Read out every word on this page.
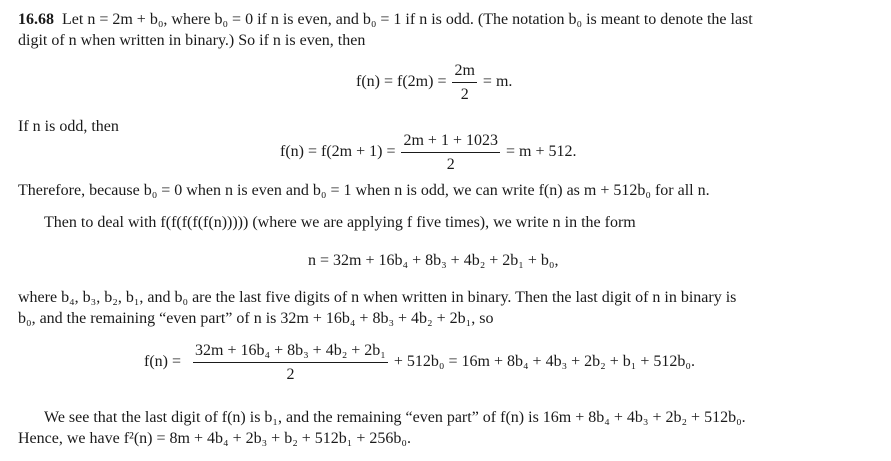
16.68 Let n = 2m + b₀, where b₀ = 0 if n is even, and b₀ = 1 if n is odd. (The notation b₀ is meant to denote the last
digit of n when written in binary.) So if n is even, then
$f(n) = f(2m) = \frac{2m}{2} = m$.
If n is odd, then
$f(n) = f(2m + 1) = \frac{2m + 1 + 1023}{2} = m + 512$.
Therefore, because b₀ = 0 when n is even and b₀ = 1 when n is odd, we can write f(n) as m + 512b₀ for all n.
Then to deal with f(f(f(f(f(n))))) (where we are applying f five times), we write n in the form
n = 32m + 16b₄ + 8b₃ + 4b₂ + 2b₁ + b₀,
where b₄, b₃, b₂, b₁, and b₀ are the last five digits of n when written in binary. Then the last digit of n in binary is
b₀, and the remaining “even part” of n is 32m + 16b₄ + 8b₃ + 4b₂ + 2b₁, so
$f(n) = \frac{\text{32m + 16b₄ + 8b₃ + 4b₂ + 2b₁}}{2} + 512b_0 = 16m + 8b_4 + 4b_3 + 2b_2 + b_1 + 512b_0$.
We see that the last digit of f(n) is b₁, and the remaining “even part” of f(n) is 16m + 8b₄ + 4b₃ + 2b₂ + 512b₀.
Hence, we have f²(n) = 8m + 4b₄ + 2b₃ + b₂ + 512b₁ + 256b₀.
